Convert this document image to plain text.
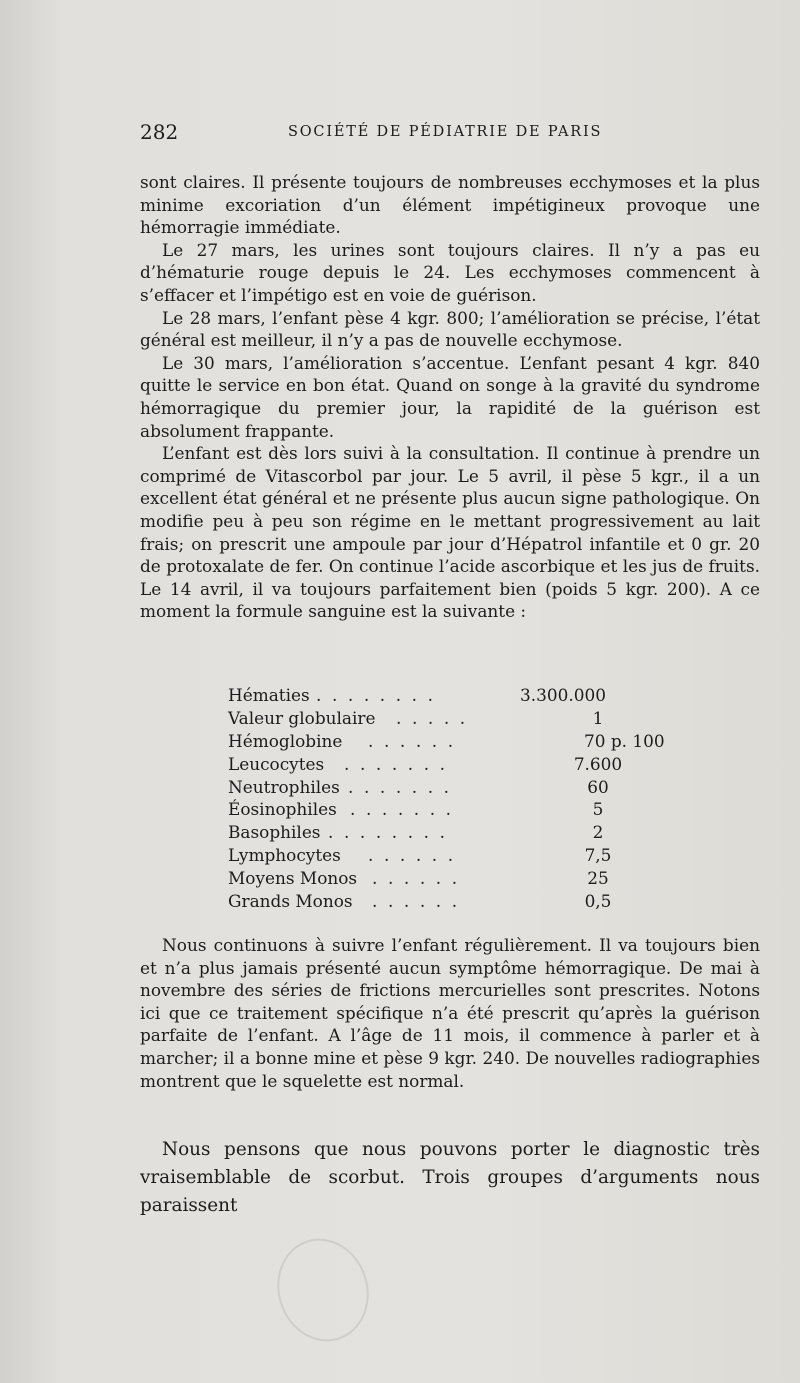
282	SOCIÉTÉ DE PÉDIATRIE DE PARIS

sont claires. Il présente toujours de nombreuses ecchymoses et la plus minime excoriation d’un élément impétigineux provoque une hémorragie immédiate.

Le 27 mars, les urines sont toujours claires. Il n’y a pas eu d’hématurie rouge depuis le 24. Les ecchymoses commencent à s’effacer et l’impétigo est en voie de guérison.

Le 28 mars, l’enfant pèse 4 kgr. 800; l’amélioration se précise, l’état général est meilleur, il n’y a pas de nouvelle ecchymose.

Le 30 mars, l’amélioration s’accentue. L’enfant pesant 4 kgr. 840 quitte le service en bon état. Quand on songe à la gravité du syndrome hémorragique du premier jour, la rapidité de la guérison est absolument frappante.

L’enfant est dès lors suivi à la consultation. Il continue à prendre un comprimé de Vitascorbol par jour. Le 5 avril, il pèse 5 kgr., il a un excellent état général et ne présente plus aucun signe pathologique. On modifie peu à peu son régime en le mettant progressivement au lait frais; on prescrit une ampoule par jour d’Hépatrol infantile et 0 gr. 20 de protoxalate de fer. On continue l’acide ascorbique et les jus de fruits. Le 14 avril, il va toujours parfaitement bien (poids 5 kgr. 200). A ce moment la formule sanguine est la suivante :

Hématies . . . . . . . .	3.300.000
Valeur globulaire . . . . .	1
Hémoglobine . . . . . .	70 p. 100
Leucocytes . . . . . . .	7.600
Neutrophiles . . . . . . .	60
Éosinophiles . . . . . . .	5
Basophiles . . . . . . . .	2
Lymphocytes . . . . . .	7,5
Moyens Monos . . . . . .	25
Grands Monos . . . . . .	0,5

Nous continuons à suivre l’enfant régulièrement. Il va toujours bien et n’a plus jamais présenté aucun symptôme hémorragique. De mai à novembre des séries de frictions mercurielles sont prescrites. Notons ici que ce traitement spécifique n’a été prescrit qu’après la guérison parfaite de l’enfant. A l’âge de 11 mois, il commence à parler et à marcher; il a bonne mine et pèse 9 kgr. 240. De nouvelles radiographies montrent que le squelette est normal.

Nous pensons que nous pouvons porter le diagnostic très vraisemblable de scorbut. Trois groupes d’arguments nous paraissent
